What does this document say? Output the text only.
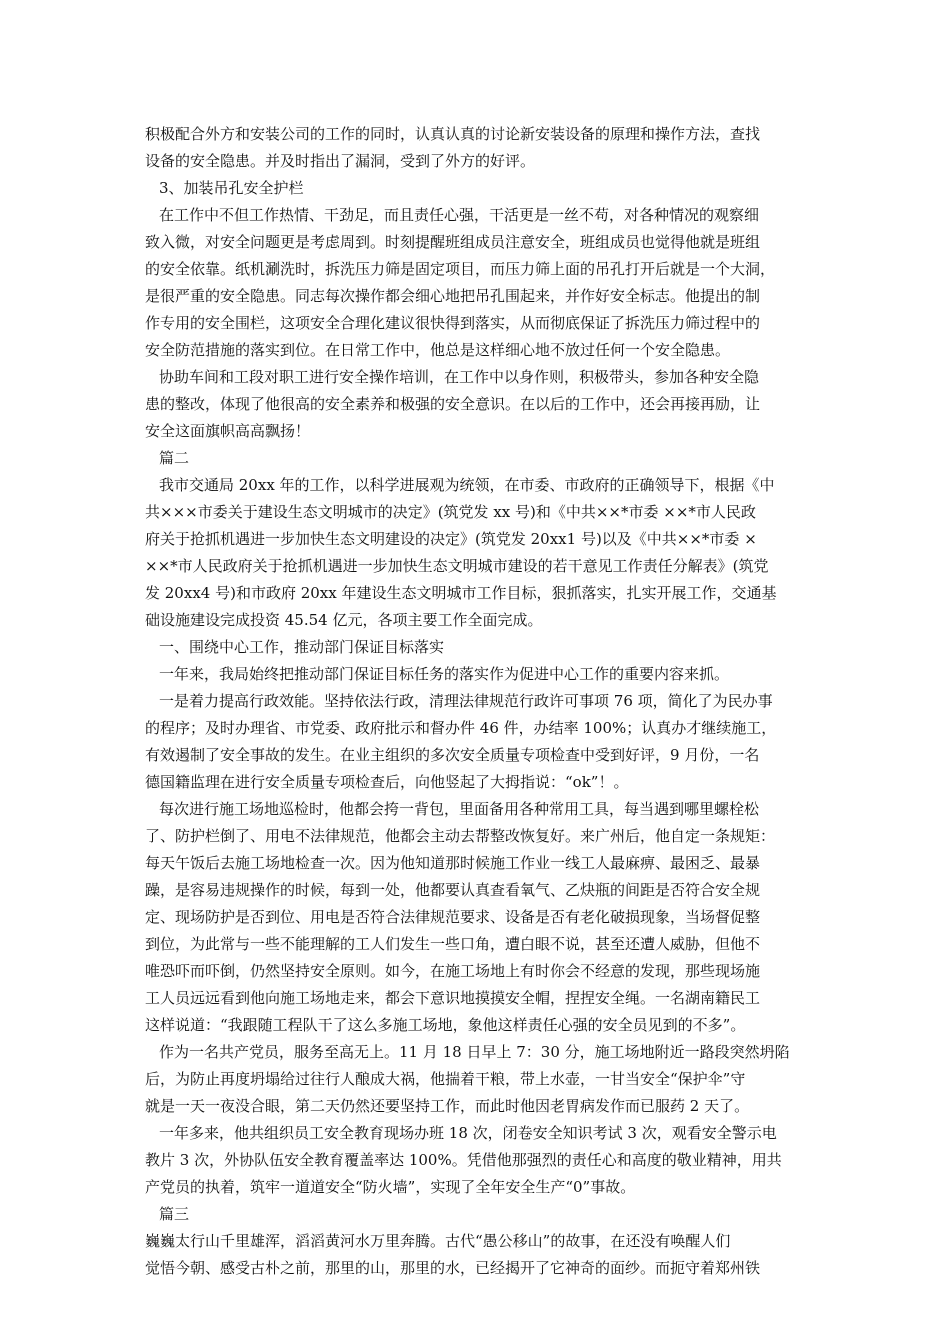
积极配合外方和安装公司的工作的同时，认真认真的讨论新安装设备的原理和操作方法，查找
设备的安全隐患。并及时指出了漏洞，受到了外方的好评。
3、加装吊孔安全护栏
在工作中不但工作热情、干劲足，而且责任心强，干活更是一丝不苟，对各种情况的观察细
致入微，对安全问题更是考虑周到。时刻提醒班组成员注意安全，班组成员也觉得他就是班组
的安全依靠。纸机涮洗时，拆洗压力筛是固定项目，而压力筛上面的吊孔打开后就是一个大洞，
是很严重的安全隐患。同志每次操作都会细心地把吊孔围起来，并作好安全标志。他提出的制
作专用的安全围栏，这项安全合理化建议很快得到落实，从而彻底保证了拆洗压力筛过程中的
安全防范措施的落实到位。在日常工作中，他总是这样细心地不放过任何一个安全隐患。
协助车间和工段对职工进行安全操作培训，在工作中以身作则，积极带头，参加各种安全隐
患的整改，体现了他很高的安全素养和极强的安全意识。在以后的工作中，还会再接再励，让
安全这面旗帜高高飘扬！
篇二
我市交通局 20xx 年的工作，以科学进展观为统领，在市委、市政府的正确领导下，根据《中
共×××市委关于建设生态文明城市的决定》(筑党发 xx 号)和《中共××*市委 ××*市人民政
府关于抢抓机遇进一步加快生态文明建设的决定》(筑党发 20xx1 号)以及《中共××*市委 ×
××*市人民政府关于抢抓机遇进一步加快生态文明城市建设的若干意见工作责任分解表》(筑党
发 20xx4 号)和市政府 20xx 年建设生态文明城市工作目标，狠抓落实，扎实开展工作，交通基
础设施建设完成投资 45.54 亿元，各项主要工作全面完成。
一、围绕中心工作，推动部门保证目标落实
一年来，我局始终把推动部门保证目标任务的落实作为促进中心工作的重要内容来抓。
一是着力提高行政效能。坚持依法行政，清理法律规范行政许可事项 76 项，简化了为民办事
的程序；及时办理省、市党委、政府批示和督办件 46 件，办结率 100%；认真办才继续施工，
有效遏制了安全事故的发生。在业主组织的多次安全质量专项检查中受到好评，9 月份，一名
德国籍监理在进行安全质量专项检查后，向他竖起了大拇指说：“ok”！。
每次进行施工场地巡检时，他都会挎一背包，里面备用各种常用工具，每当遇到哪里螺栓松
了、防护栏倒了、用电不法律规范，他都会主动去帮整改恢复好。来广州后，他自定一条规矩：
每天午饭后去施工场地检查一次。因为他知道那时候施工作业一线工人最麻痹、最困乏、最暴
躁，是容易违规操作的时候，每到一处，他都要认真查看氧气、乙炔瓶的间距是否符合安全规
定、现场防护是否到位、用电是否符合法律规范要求、设备是否有老化破损现象，当场督促整
到位，为此常与一些不能理解的工人们发生一些口角，遭白眼不说，甚至还遭人威胁，但他不
唯恐吓而吓倒，仍然坚持安全原则。如今，在施工场地上有时你会不经意的发现，那些现场施
工人员远远看到他向施工场地走来，都会下意识地摸摸安全帽，捏捏安全绳。一名湖南籍民工
这样说道：“我跟随工程队干了这么多施工场地，象他这样责任心强的安全员见到的不多”。
作为一名共产党员，服务至高无上。11 月 18 日早上 7：30 分，施工场地附近一路段突然坍陷
后，为防止再度坍塌给过往行人酿成大祸，他揣着干粮，带上水壶，一甘当安全“保护伞”守
就是一天一夜没合眼，第二天仍然还要坚持工作，而此时他因老胃病发作而已服药 2 天了。
一年多来，他共组织员工安全教育现场办班 18 次，闭卷安全知识考试 3 次，观看安全警示电
教片 3 次，外协队伍安全教育覆盖率达 100%。凭借他那强烈的责任心和高度的敬业精神，用共
产党员的执着，筑牢一道道安全“防火墙”，实现了全年安全生产“0”事故。
篇三
巍巍太行山千里雄浑，滔滔黄河水万里奔腾。古代“愚公移山”的故事，在还没有唤醒人们
觉悟今朝、感受古朴之前，那里的山，那里的水，已经揭开了它神奇的面纱。而扼守着郑州铁
